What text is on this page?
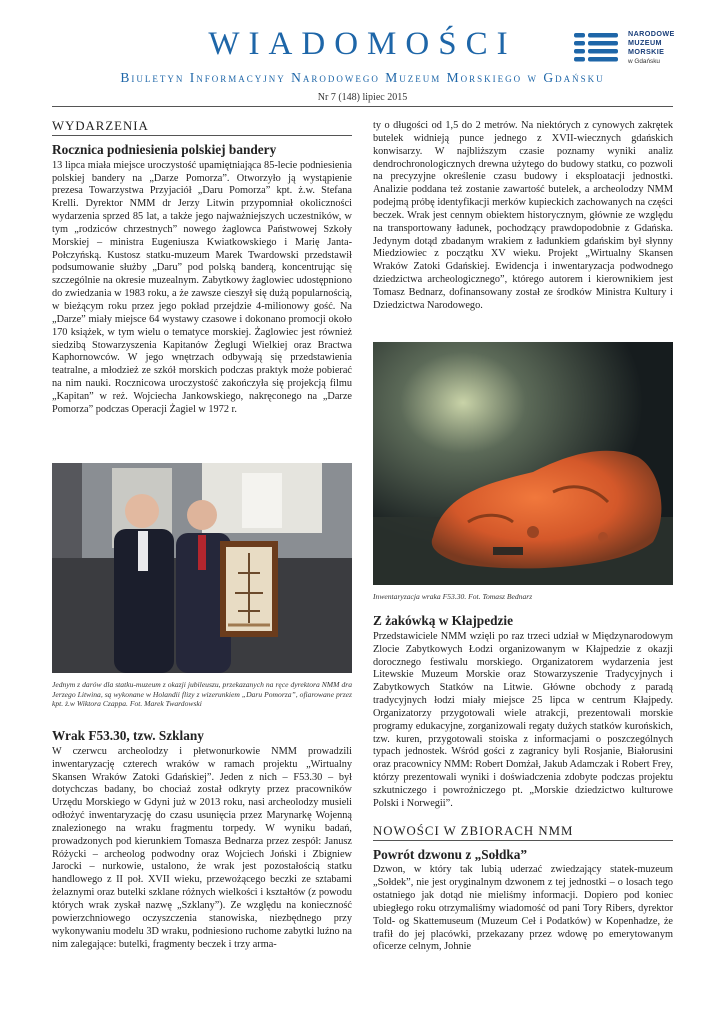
WIADOMOŚCI	NARODOWE
MUZEUM
MORSKIE
w Gdańsku
Biuletyn Informacyjny Narodowego Muzeum Morskiego w Gdańsku
Nr 7 (148) lipiec 2015
WYDARZENIA
Rocznica podniesienia polskiej bandery

13 lipca miała miejsce uroczystość upamiętniająca 85-lecie podniesienia polskiej bandery na „Darze Pomorza”. Otworzyło ją wystąpienie prezesa Towarzystwa Przyjaciół „Daru Pomorza” kpt. ż.w. Stefana Krelli. Dyrektor NMM dr Jerzy Litwin przypomniał okoliczności wydarzenia sprzed 85 lat, a także jego najważniejszych uczestników, w tym „rodziców chrzestnych” nowego żaglowca Państwowej Szkoły Morskiej – ministra Eugeniusza Kwiatkowskiego i Marię Janta-Połczyńską. Kustosz statku-muzeum Marek Twardowski przedstawił podsumowanie służby „Daru” pod polską banderą, koncentrując się szczególnie na okresie muzealnym. Zabytkowy żaglowiec udostępniono do zwiedzania w 1983 roku, a że zawsze cieszył się dużą popularnością, w bieżącym roku przez jego pokład przejdzie 4-milionowy gość. Na „Darze” miały miejsce 64 wystawy czasowe i dokonano promocji około 170 książek, w tym wielu o tematyce morskiej. Żaglowiec jest również siedzibą Stowarzyszenia Kapitanów Żeglugi Wielkiej oraz Bractwa Kaphornowców. W jego wnętrzach odbywają się przedstawienia teatralne, a młodzież ze szkół morskich podczas praktyk może pobierać na nim nauki. Rocznicowa uroczystość zakończyła się projekcją filmu „Kapitan” w reż. Wojciecha Jankowskiego, nakręconego na „Darze Pomorza” podczas Operacji Żagiel w 1972 r.

Jednym z darów dla statku-muzeum z okazji jubileuszu, przekazanych na ręce dyrektora NMM dra Jerzego Litwina, są wykonane w Holandii flizy z wizerunkiem „Daru Pomorza”, ofiarowane przez kpt. ż.w Wiktora Czappa. Fot. Marek Twardowski
Wrak F53.30, tzw. Szklany

W czerwcu archeolodzy i płetwonurkowie NMM prowadzili inwentaryzację czterech wraków w ramach projektu „Wirtualny Skansen Wraków Zatoki Gdańskiej”. Jeden z nich – F53.30 – był dotychczas badany, bo chociaż został odkryty przez pracowników Urzędu Morskiego w Gdyni już w 2013 roku, nasi archeolodzy musieli odłożyć inwentaryzację do czasu usunięcia przez Marynarkę Wojenną znalezionego na wraku fragmentu torpedy. W wyniku badań, prowadzonych pod kierunkiem Tomasza Bednarza przez zespół: Janusz Różycki – archeolog podwodny oraz Wojciech Joński i Zbigniew Jarocki – nurkowie, ustalono, że wrak jest pozostałością statku handlowego z II poł. XVII wieku, przewożącego beczki ze sztabami żelaznymi oraz butelki szklane różnych wielkości i kształtów (z powodu których wrak zyskał nazwę „Szklany”). Ze względu na konieczność powierzchniowego oczyszczenia stanowiska, niezbędnego przy wykonywaniu modelu 3D wraku, podniesiono ruchome zabytki luźno na nim zalegające: butelki, fragmenty beczek i trzy arma-

ty o długości od 1,5 do 2 metrów. Na niektórych z cynowych zakrętek butelek widnieją punce jednego z XVII-wiecznych gdańskich konwisarzy. W najbliższym czasie poznamy wyniki analiz dendrochronologicznych drewna użytego do budowy statku, co pozwoli na precyzyjne określenie czasu budowy i eksploatacji jednostki. Analizie poddana też zostanie zawartość butelek, a archeolodzy NMM podejmą próbę identyfikacji merków kupieckich zachowanych na części beczek. Wrak jest cennym obiektem historycznym, głównie ze względu na transportowany ładunek, pochodzący prawdopodobnie z Gdańska. Jedynym dotąd zbadanym wrakiem z ładunkiem gdańskim był słynny Miedziowiec z początku XV wieku. Projekt „Wirtualny Skansen Wraków Zatoki Gdańskiej. Ewidencja i inwentaryzacja podwodnego dziedzictwa archeologicznego”, którego autorem i kierownikiem jest Tomasz Bednarz, dofinansowany został ze środków Ministra Kultury i Dziedzictwa Narodowego.

Inwentaryzacja wraka F53.30. Fot. Tomasz Bednarz
Z żakówką w Kłajpedzie

Przedstawiciele NMM wzięli po raz trzeci udział w Międzynarodowym Zlocie Zabytkowych Łodzi organizowanym w Kłajpedzie z okazji dorocznego festiwalu morskiego. Organizatorem wydarzenia jest Litewskie Muzeum Morskie oraz Stowarzyszenie Tradycyjnych i Zabytkowych Statków na Litwie. Główne obchody z paradą tradycyjnych łodzi miały miejsce 25 lipca w centrum Kłajpedy. Organizatorzy przygotowali wiele atrakcji, prezentowali morskie programy edukacyjne, zorganizowali regaty dużych statków kurońskich, tzw. kuren, przygotowali stoiska z informacjami o poszczególnych typach jednostek. Wśród gości z zagranicy byli Rosjanie, Białorusini oraz pracownicy NMM: Robert Domżał, Jakub Adamczak i Robert Frey, którzy prezentowali wyniki i doświadczenia zdobyte podczas projektu szkutniczego i powroźniczego pt. „Morskie dziedzictwo kulturowe Polski i Norwegii”.

NOWOŚCI W ZBIORACH NMM
Powrót dzwonu z „Sołdka”

Dzwon, w który tak lubią uderzać zwiedzający statek-muzeum „Sołdek”, nie jest oryginalnym dzwonem z tej jednostki – o losach tego ostatniego jak dotąd nie mieliśmy informacji. Dopiero pod koniec ubiegłego roku otrzymaliśmy wiadomość od pani Tory Ribers, dyrektor Told- og Skattemuseum (Muzeum Ceł i Podatków) w Kopenhadze, że trafił do jej placówki, przekazany przez wdowę po emerytowanym oficerze celnym, Johnie
